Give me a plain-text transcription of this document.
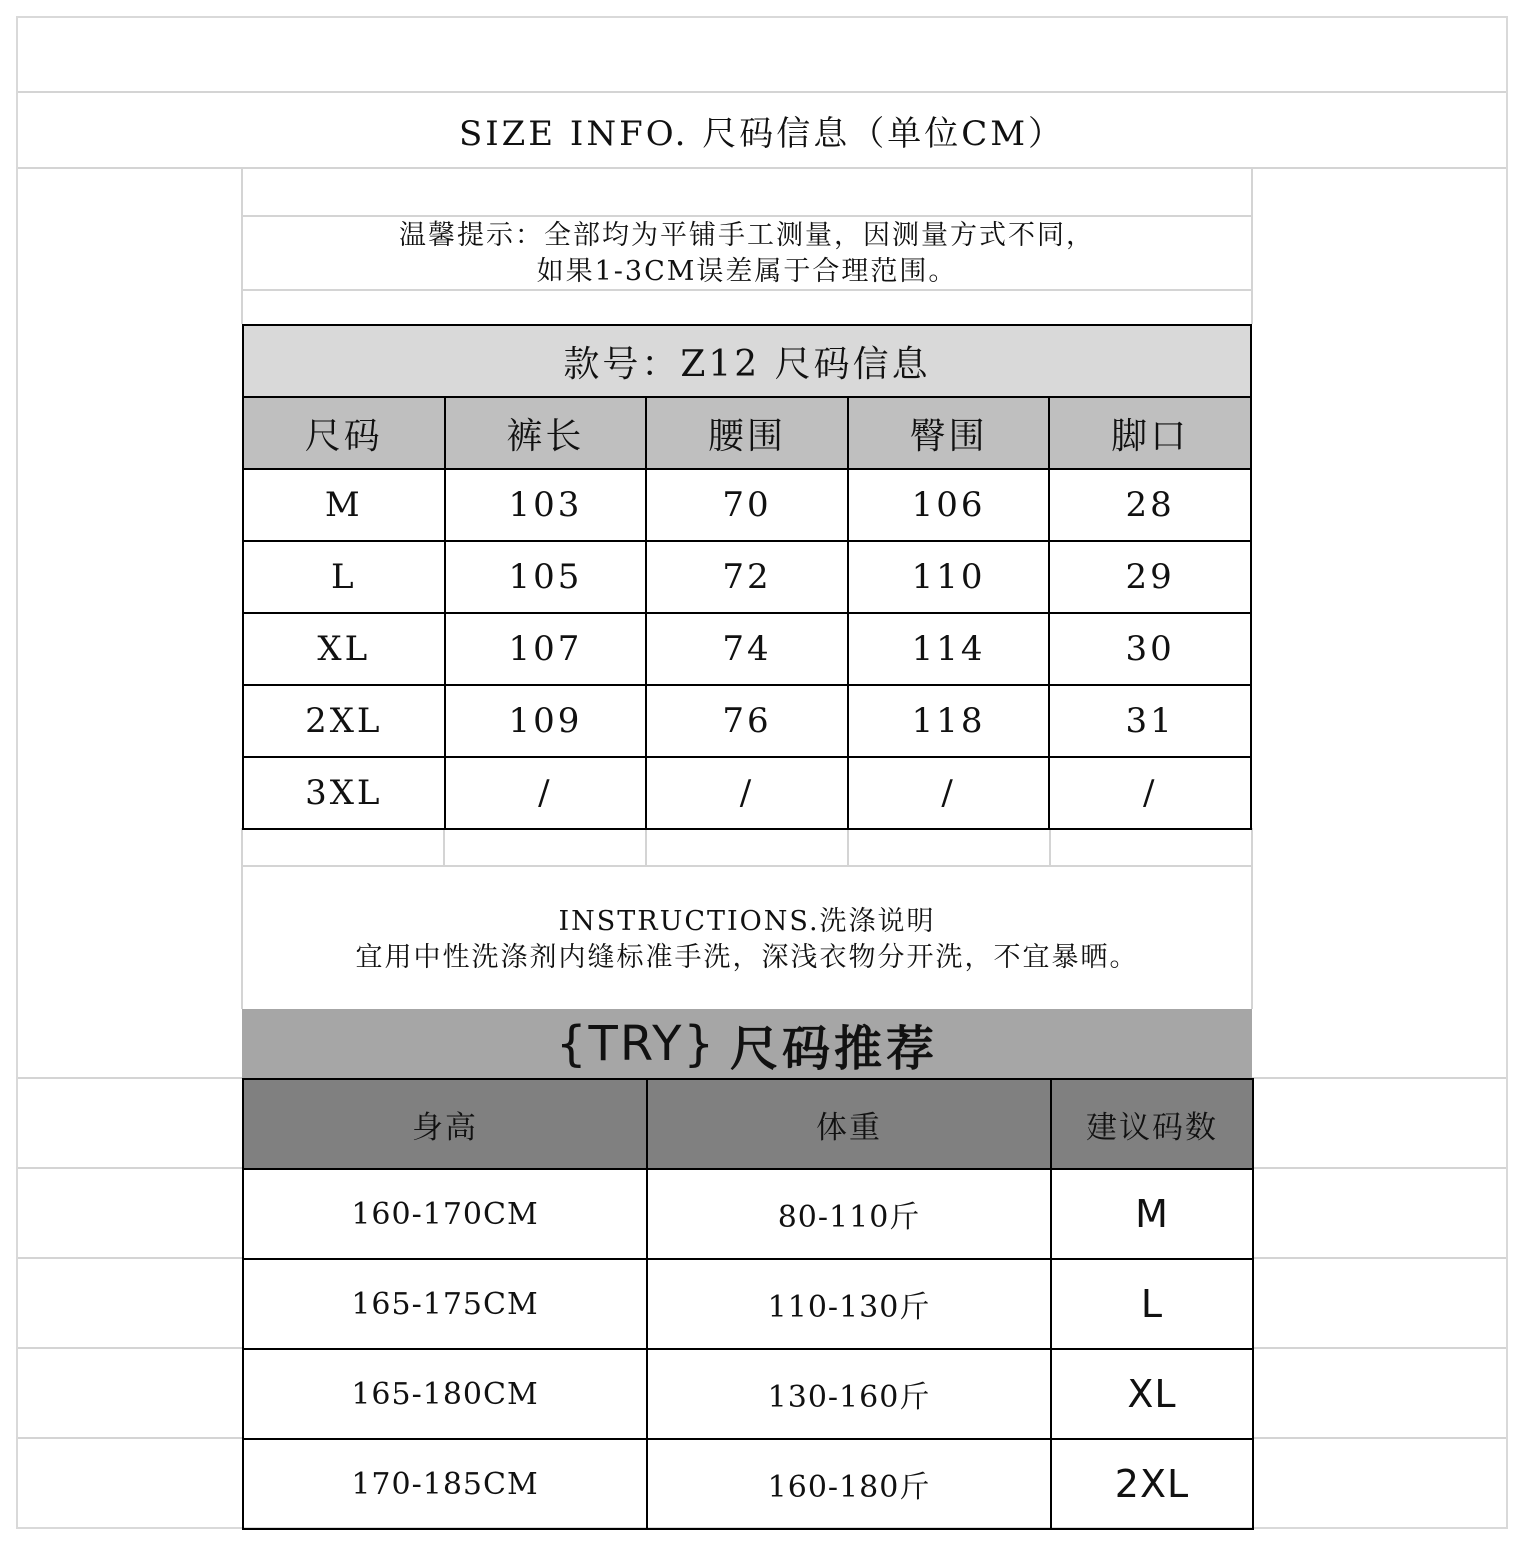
SIZE INFO. 尺码信息（单位CM）
温馨提示：全部均为平铺手工测量，因测量方式不同，
如果1-3CM误差属于合理范围。
款号：Z12 尺码信息				
尺码	裤长	腰围	臀围	脚口
M	103	70	106	28
L	105	72	110	29
XL	107	74	114	30
2XL	109	76	118	31
3XL	/	/	/	/
INSTRUCTIONS.洗涤说明
宜用中性洗涤剂内缝标准手洗，深浅衣物分开洗，不宜暴晒。
{TRY} 尺码推荐
身高	体重	建议码数
160-170CM	80-110斤	M
165-175CM	110-130斤	L
165-180CM	130-160斤	XL
170-185CM	160-180斤	2XL
